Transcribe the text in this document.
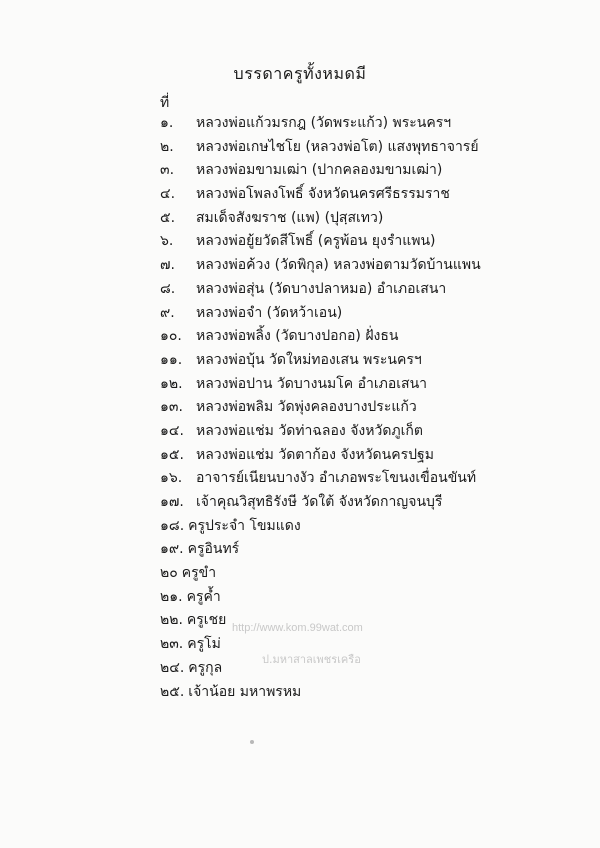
บรรดาครูทั้งหมดมี
ที่
๑. หลวงพ่อแก้วมรกฎ (วัดพระแก้ว) พระนครฯ
๒. หลวงพ่อเกษไชโย (หลวงพ่อโต) แสงพุทธาจารย์
๓. หลวงพ่อมขามเฒ่า (ปากคลองมขามเฒ่า)
๔. หลวงพ่อโพลงโพธิ์ จังหวัดนครศรีธรรมราช
๕. สมเด็จสังฆราช (แพ) (ปุสฺสเทว)
๖. หลวงพ่อยู้ยวัดสีโพธิ์ (ครูพ้อน ยุงรำแพน)
๗. หลวงพ่อค้วง (วัดพิกุล) หลวงพ่อตามวัดบ้านแพน
๘. หลวงพ่อสุ่น (วัดบางปลาหมอ) อำเภอเสนา
๙. หลวงพ่อจำ (วัดหว้าเอน)
๑๐. หลวงพ่อพลิ้ง (วัดบางปอกอ) ฝั่งธน
๑๑. หลวงพ่อบุ้น วัดใหม่ทองเสน พระนครฯ
๑๒. หลวงพ่อปาน วัดบางนมโค อำเภอเสนา
๑๓. หลวงพ่อพลิม วัดพุ่งคลองบางประแก้ว
๑๔. หลวงพ่อแช่ม วัดท่าฉลอง จังหวัดภูเก็ต
๑๕. หลวงพ่อแช่ม วัดตาก้อง จังหวัดนครปฐม
๑๖. อาจารย์เนียนบางงัว อำเภอพระโขนงเขื่อนขันท์
๑๗. เจ้าคุณวิสุทธิรังษี วัดใต้ จังหวัดกาญจนบุรี
๑๘. ครูประจำ โขมแดง
๑๙. ครูอินทร์
๒๐ ครูขำ
๒๑. ครูค้ำ
๒๒. ครูเชย
๒๓. ครูโม่
๒๔. ครูกุล
๒๕. เจ้าน้อย มหาพรหม
http://www.kom.99wat.com
ป.มหาสาลเพชรเครือ
